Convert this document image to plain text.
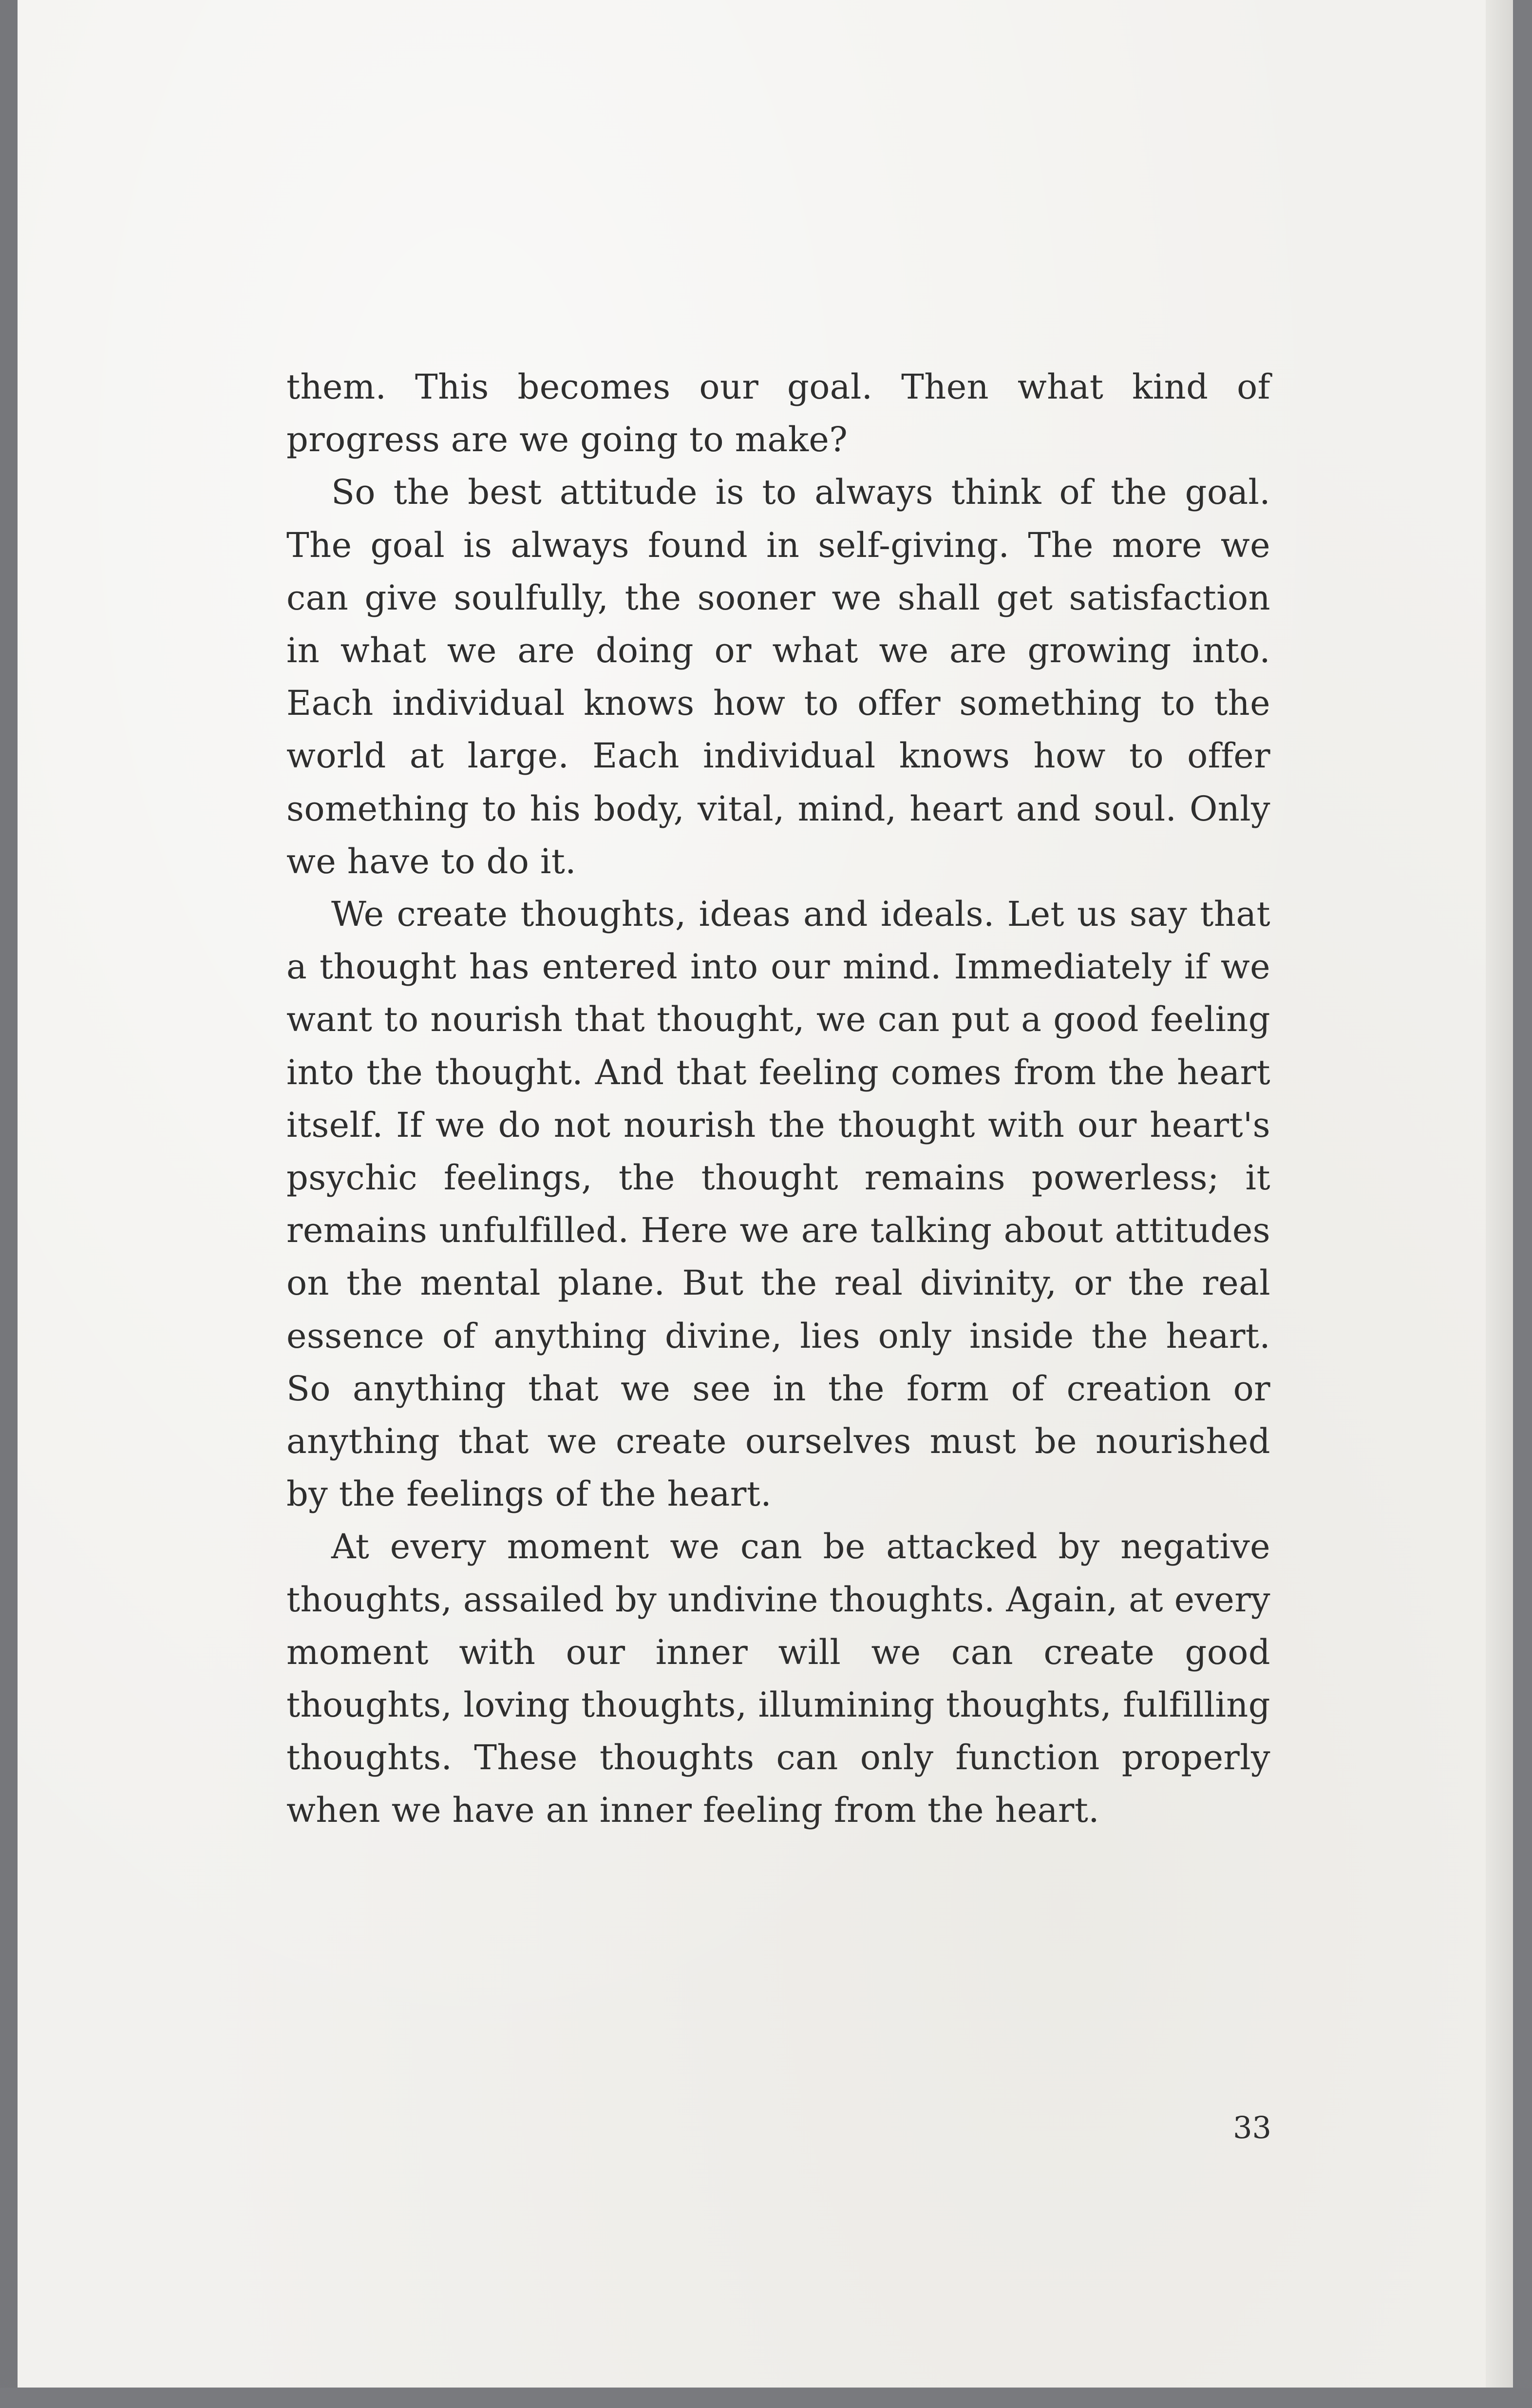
them. This becomes our goal. Then what kind of progress are we going to make?

So the best attitude is to always think of the goal. The goal is always found in self-giving. The more we can give soulfully, the sooner we shall get satisfaction in what we are doing or what we are growing into. Each individual knows how to offer something to the world at large. Each individual knows how to offer something to his body, vital, mind, heart and soul. Only we have to do it.

We create thoughts, ideas and ideals. Let us say that a thought has entered into our mind. Immediately if we want to nourish that thought, we can put a good feeling into the thought. And that feeling comes from the heart itself. If we do not nourish the thought with our heart's psychic feelings, the thought remains powerless; it remains unfulfilled. Here we are talking about attitudes on the mental plane. But the real divinity, or the real essence of anything divine, lies only inside the heart. So anything that we see in the form of creation or anything that we create ourselves must be nourished by the feelings of the heart.

At every moment we can be attacked by negative thoughts, assailed by undivine thoughts. Again, at every moment with our inner will we can create good thoughts, loving thoughts, illumining thoughts, fulfilling thoughts. These thoughts can only function properly when we have an inner feeling from the heart.

33
